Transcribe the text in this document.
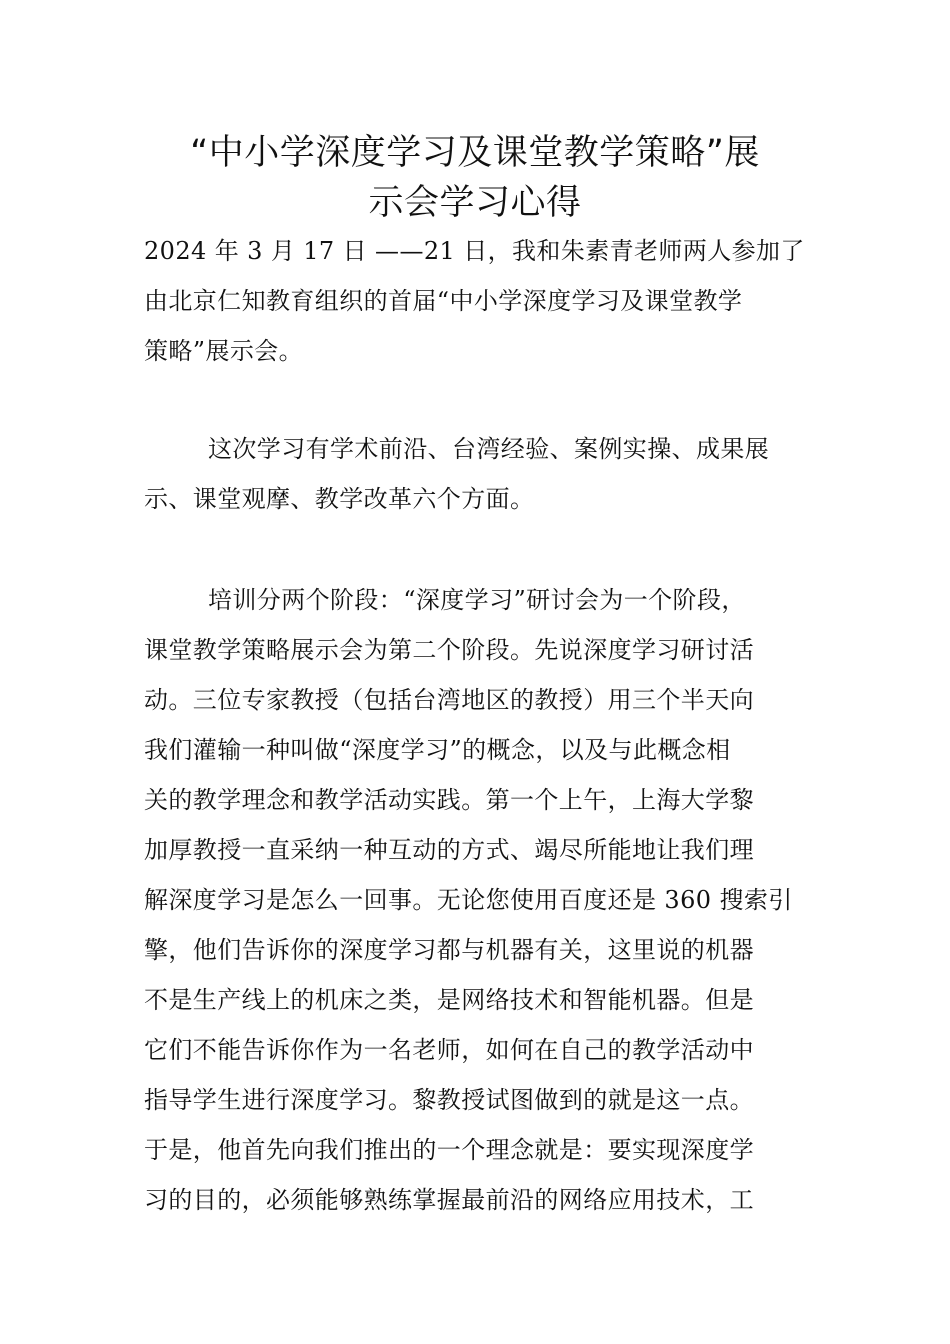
“中小学深度学习及课堂教学策略”展
示会学习心得
2024 年 3 月 17 日 ——21 日，我和朱素青老师两人参加了
由北京仁知教育组织的首届“中小学深度学习及课堂教学
策略”展示会。
这次学习有学术前沿、台湾经验、案例实操、成果展
示、课堂观摩、教学改革六个方面。
培训分两个阶段：“深度学习”研讨会为一个阶段，
课堂教学策略展示会为第二个阶段。先说深度学习研讨活
动。三位专家教授（包括台湾地区的教授）用三个半天向
我们灌输一种叫做“深度学习”的概念，以及与此概念相
关的教学理念和教学活动实践。第一个上午，上海大学黎
加厚教授一直采纳一种互动的方式、竭尽所能地让我们理
解深度学习是怎么一回事。无论您使用百度还是 360 搜索引
擎，他们告诉你的深度学习都与机器有关，这里说的机器
不是生产线上的机床之类，是网络技术和智能机器。但是
它们不能告诉你作为一名老师，如何在自己的教学活动中
指导学生进行深度学习。黎教授试图做到的就是这一点。
于是，他首先向我们推出的一个理念就是：要实现深度学
习的目的，必须能够熟练掌握最前沿的网络应用技术，工
